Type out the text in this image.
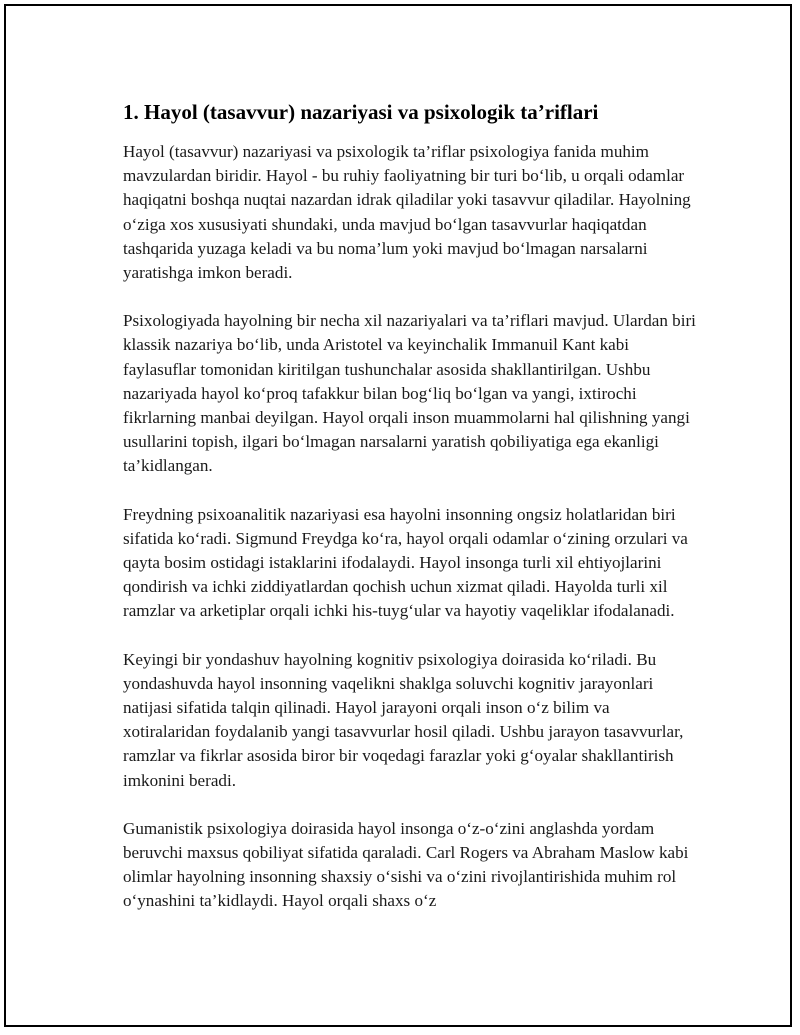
1. Hayol (tasavvur) nazariyasi va psixologik ta’riflari

Hayol (tasavvur) nazariyasi va psixologik ta’riflar psixologiya fanida muhim mavzulardan biridir. Hayol - bu ruhiy faoliyatning bir turi bo‘lib, u orqali odamlar haqiqatni boshqa nuqtai nazardan idrak qiladilar yoki tasavvur qiladilar. Hayolning o‘ziga xos xususiyati shundaki, unda mavjud bo‘lgan tasavvurlar haqiqatdan tashqarida yuzaga keladi va bu noma’lum yoki mavjud bo‘lmagan narsalarni yaratishga imkon beradi.

Psixologiyada hayolning bir necha xil nazariyalari va ta’riflari mavjud. Ulardan biri klassik nazariya bo‘lib, unda Aristotel va keyinchalik Immanuil Kant kabi faylasuflar tomonidan kiritilgan tushunchalar asosida shakllantirilgan. Ushbu nazariyada hayol ko‘proq tafakkur bilan bog‘liq bo‘lgan va yangi, ixtirochi fikrlarning manbai deyilgan. Hayol orqali inson muammolarni hal qilishning yangi usullarini topish, ilgari bo‘lmagan narsalarni yaratish qobiliyatiga ega ekanligi ta’kidlangan.

Freydning psixoanalitik nazariyasi esa hayolni insonning ongsiz holatlaridan biri sifatida ko‘radi. Sigmund Freydga ko‘ra, hayol orqali odamlar o‘zining orzulari va qayta bosim ostidagi istaklarini ifodalaydi. Hayol insonga turli xil ehtiyojlarini qondirish va ichki ziddiyatlardan qochish uchun xizmat qiladi. Hayolda turli xil ramzlar va arketiplar orqali ichki his-tuyg‘ular va hayotiy vaqeliklar ifodalanadi.

Keyingi bir yondashuv hayolning kognitiv psixologiya doirasida ko‘riladi. Bu yondashuvda hayol insonning vaqelikni shaklga soluvchi kognitiv jarayonlari natijasi sifatida talqin qilinadi. Hayol jarayoni orqali inson o‘z bilim va xotiralaridan foydalanib yangi tasavvurlar hosil qiladi. Ushbu jarayon tasavvurlar, ramzlar va fikrlar asosida biror bir voqedagi farazlar yoki g‘oyalar shakllantirish imkonini beradi.

Gumanistik psixologiya doirasida hayol insonga o‘z-o‘zini anglashda yordam beruvchi maxsus qobiliyat sifatida qaraladi. Carl Rogers va Abraham Maslow kabi olimlar hayolning insonning shaxsiy o‘sishi va o‘zini rivojlantirishida muhim rol o‘ynashini ta’kidlaydi. Hayol orqali shaxs o‘z
